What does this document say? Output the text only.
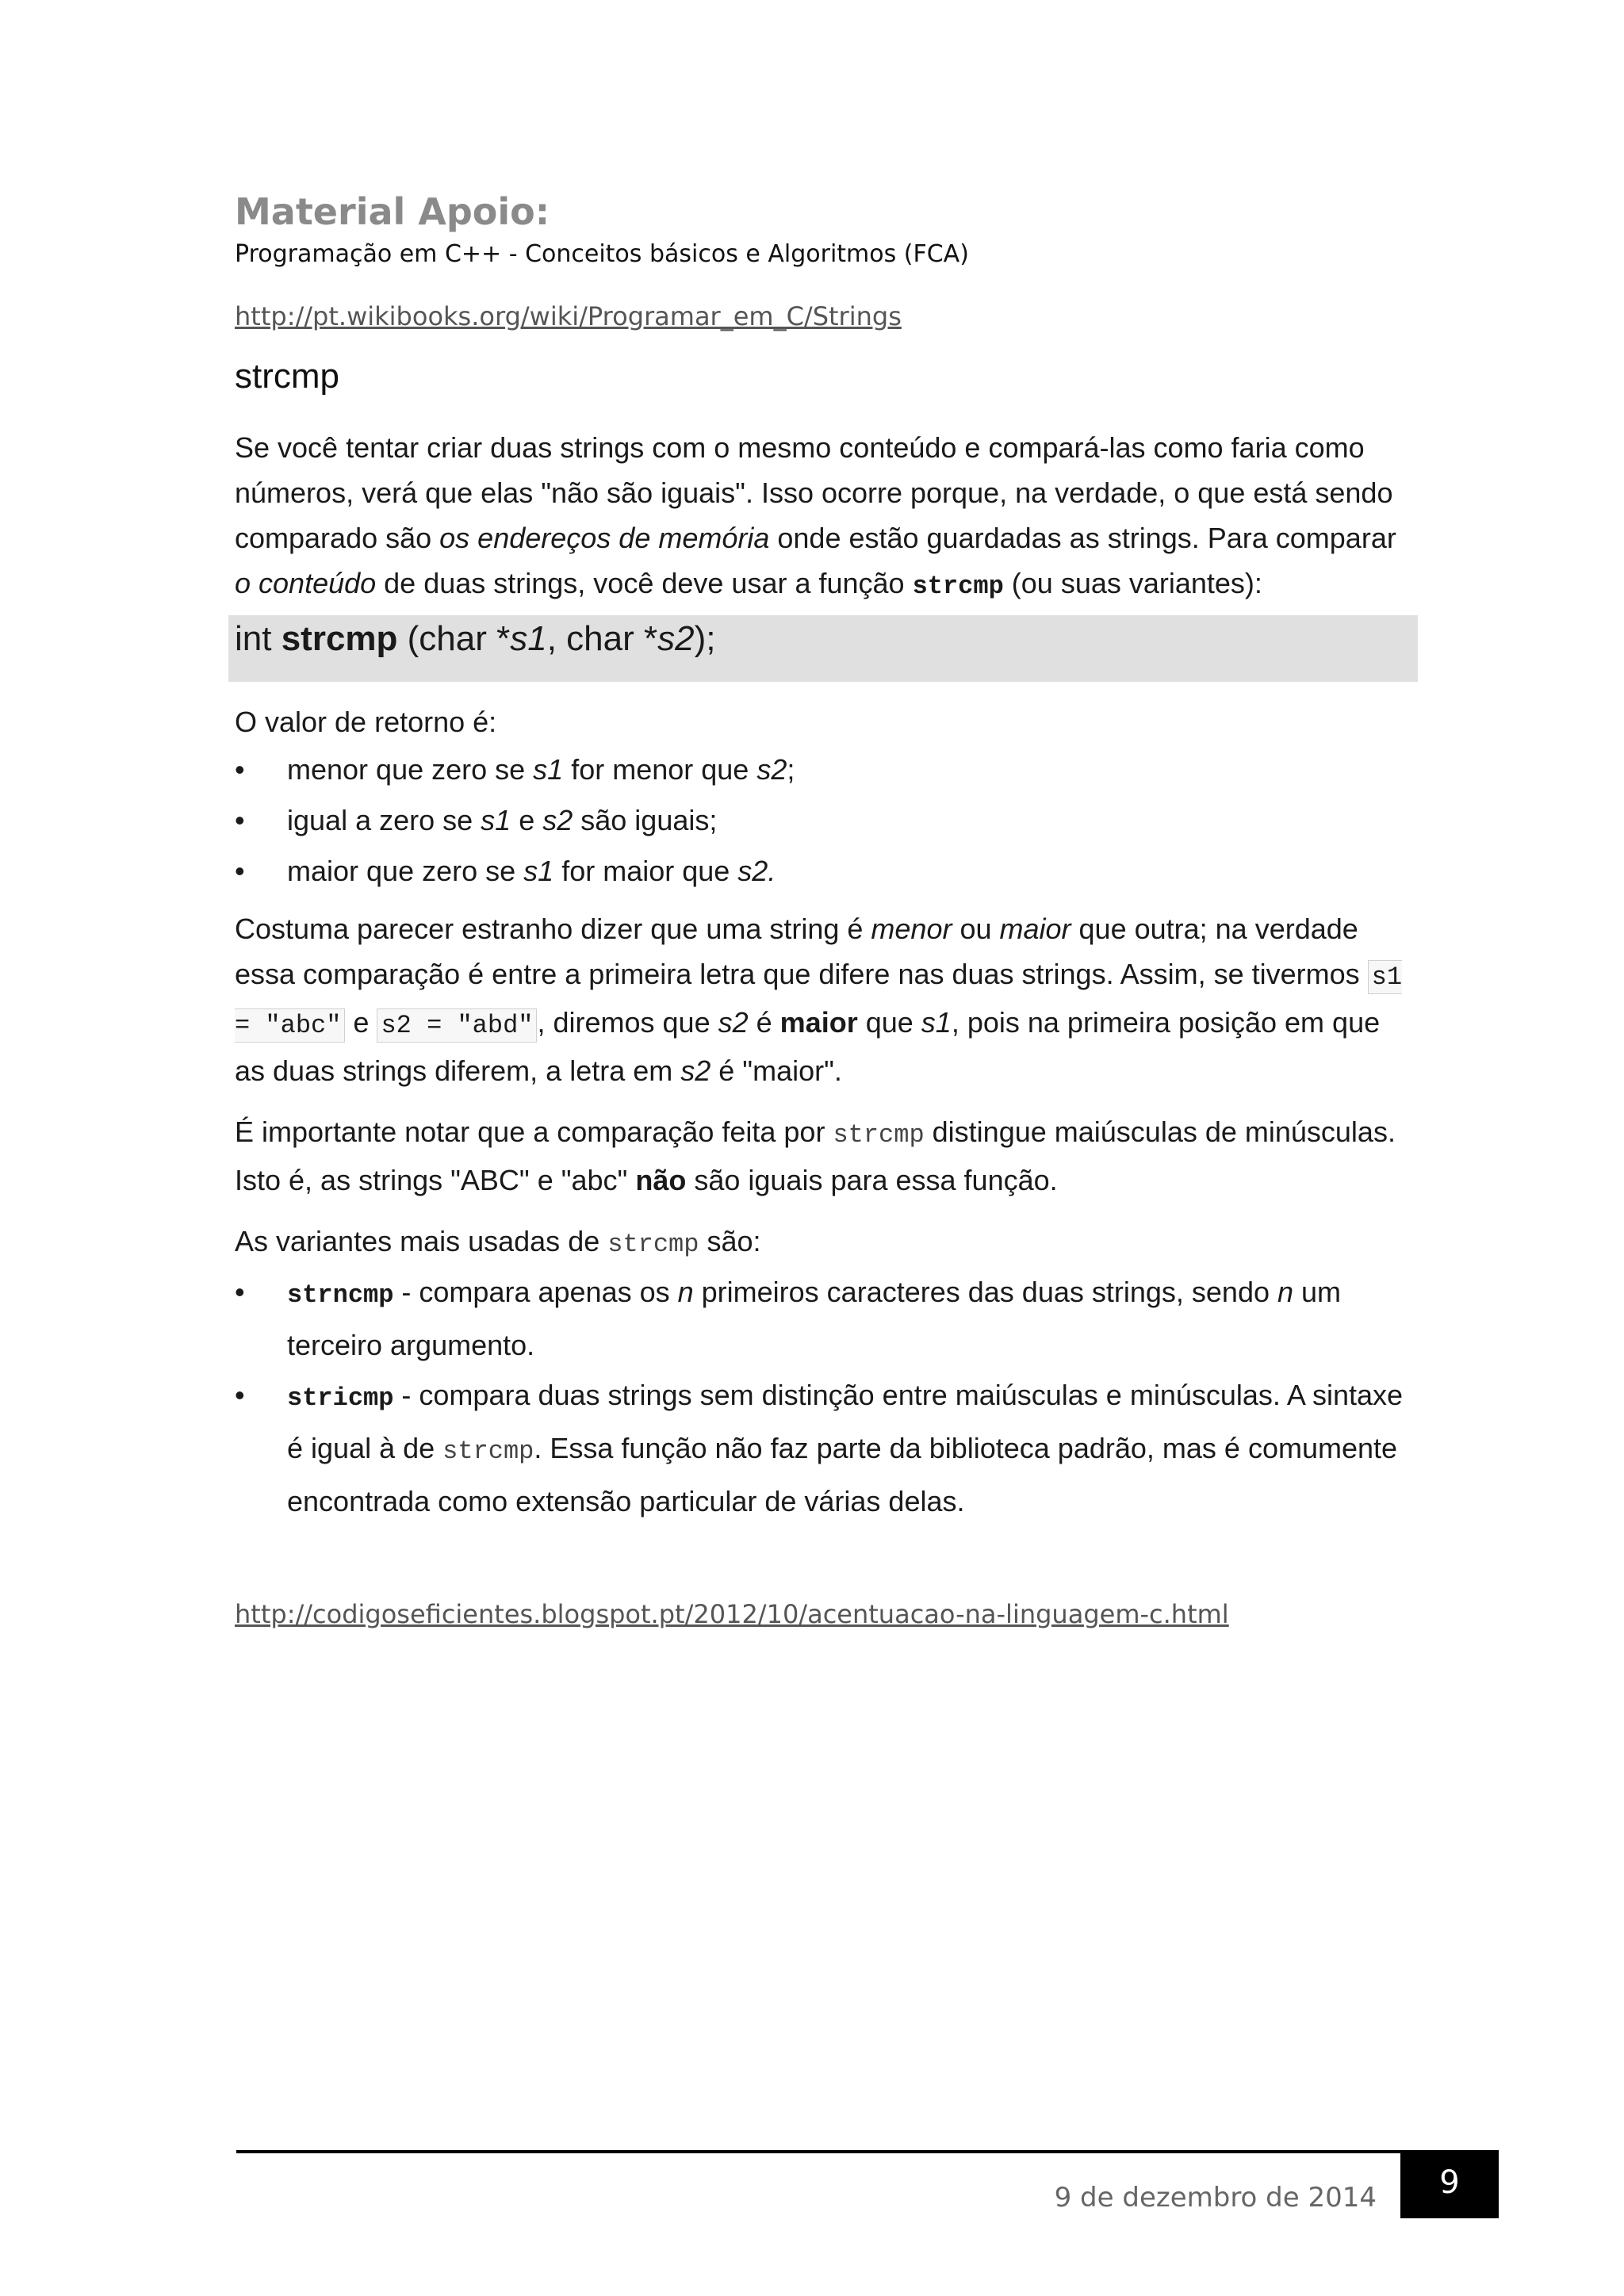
Material Apoio:
Programação em C++ - Conceitos básicos e Algoritmos (FCA)
http://pt.wikibooks.org/wiki/Programar_em_C/Strings
strcmp

Se você tentar criar duas strings com o mesmo conteúdo e compará-las como faria como números, verá que elas "não são iguais". Isso ocorre porque, na verdade, o que está sendo comparado são os endereços de memória onde estão guardadas as strings. Para comparar o conteúdo de duas strings, você deve usar a função strcmp (ou suas variantes):

int strcmp (char *s1, char *s2);

O valor de retorno é:

• menor que zero se s1 for menor que s2;
• igual a zero se s1 e s2 são iguais;
• maior que zero se s1 for maior que s2.

Costuma parecer estranho dizer que uma string é menor ou maior que outra; na verdade essa comparação é entre a primeira letra que difere nas duas strings. Assim, se tivermos s1 = "abc" e s2 = "abd" , diremos que s2 é maior que s1, pois na primeira posição em que as duas strings diferem, a letra em s2 é "maior".

É importante notar que a comparação feita por strcmp distingue maiúsculas de minúsculas. Isto é, as strings "ABC" e "abc" não são iguais para essa função.

As variantes mais usadas de strcmp são:

• strncmp - compara apenas os n primeiros caracteres das duas strings, sendo n um terceiro argumento.
• stricmp - compara duas strings sem distinção entre maiúsculas e minúsculas. A sintaxe é igual à de strcmp. Essa função não faz parte da biblioteca padrão, mas é comumente encontrada como extensão particular de várias delas.
http://codigoseficientes.blogspot.pt/2012/10/acentuacao-na-linguagem-c.html
9 de dezembro de 2014	9
